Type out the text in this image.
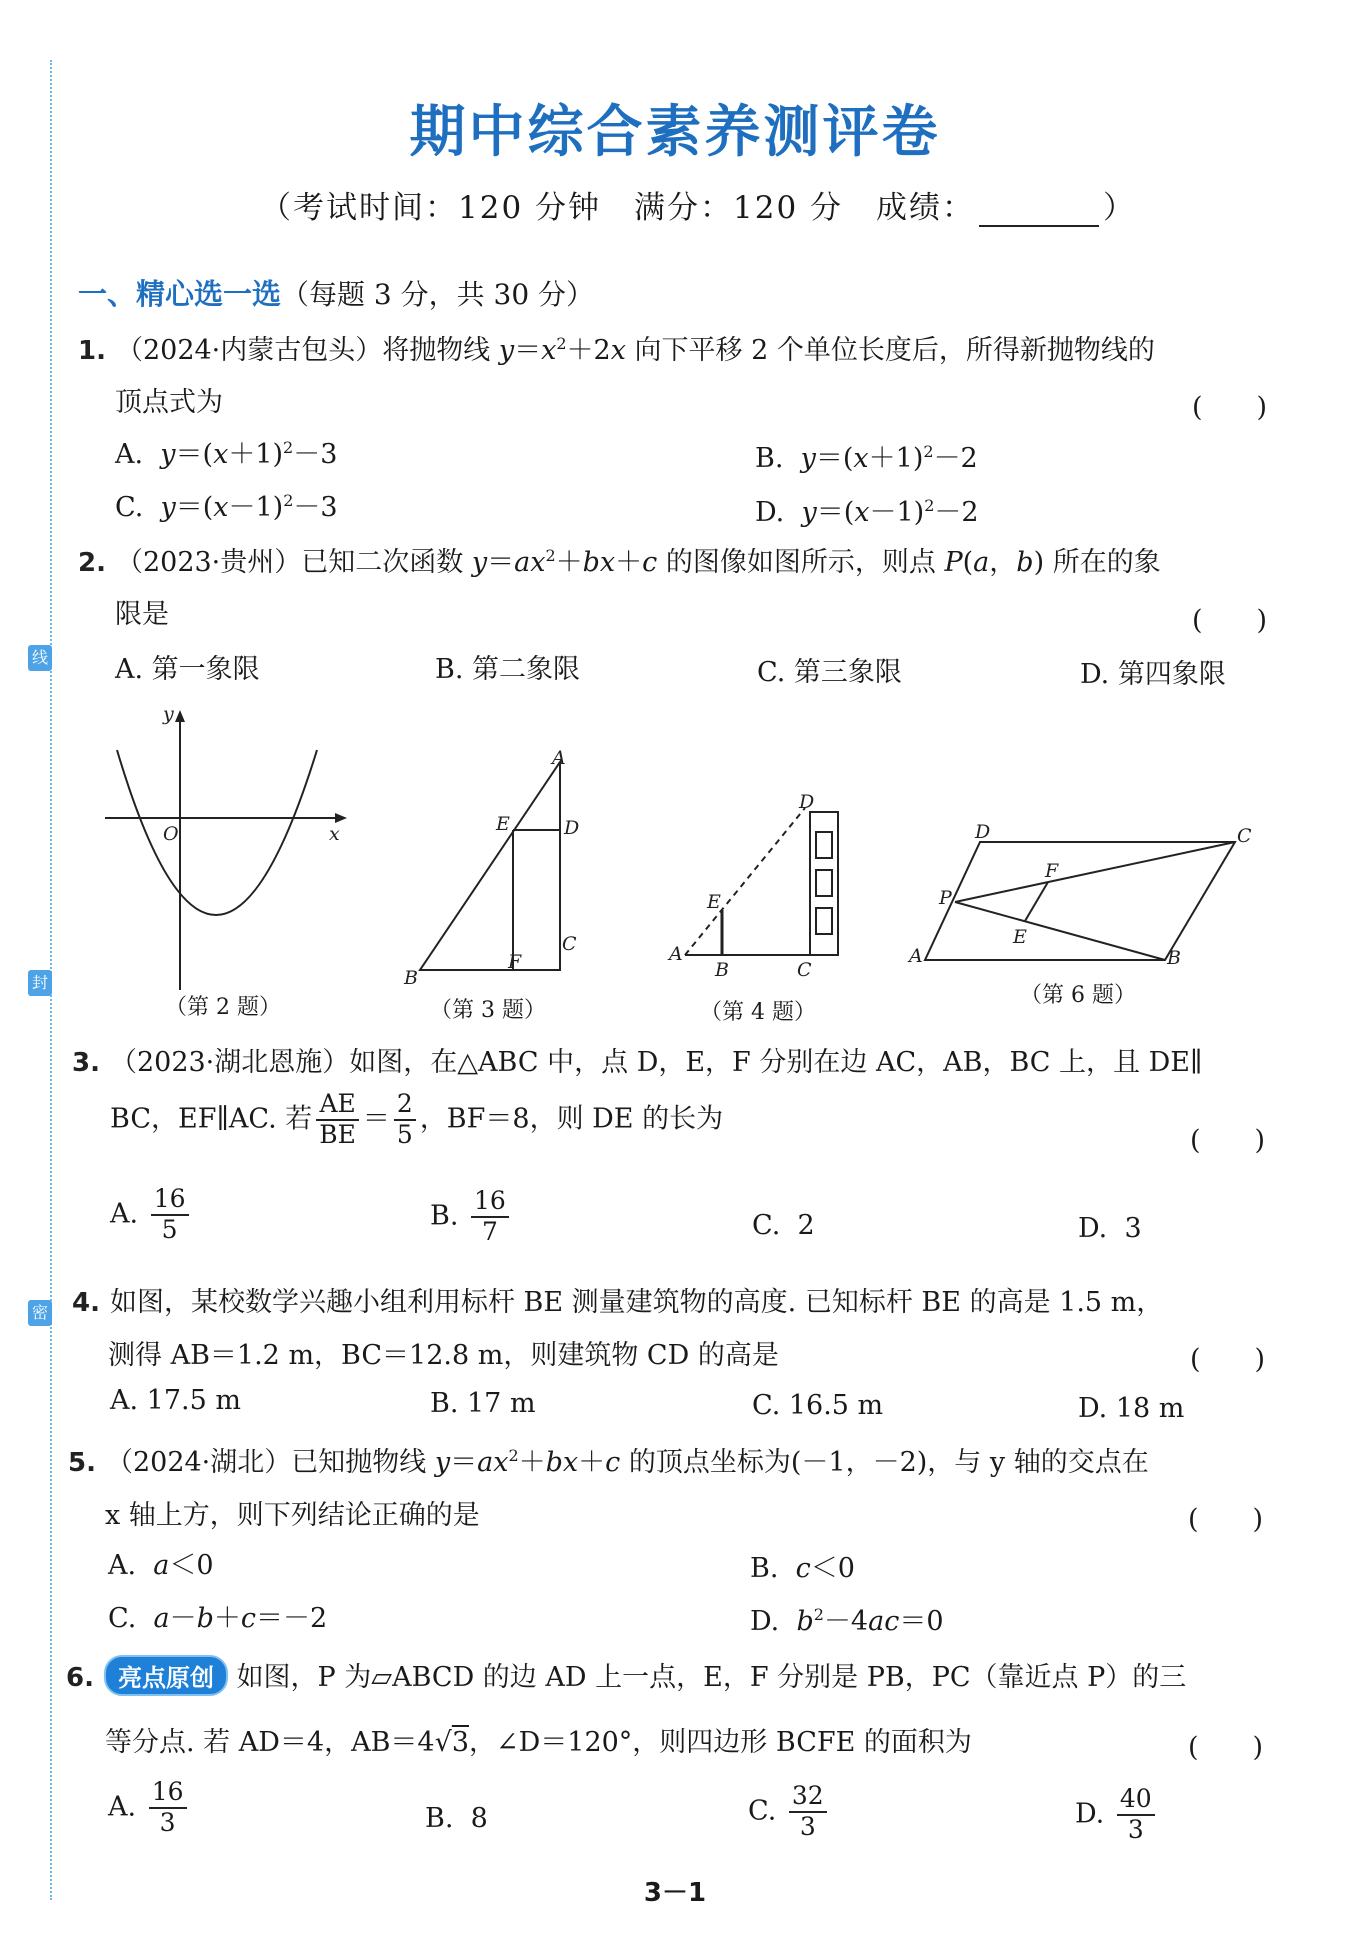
线
封
密
期中综合素养测评卷
（考试时间：120 分钟　满分：120 分　成绩：	）
一、精心选一选（每题 3 分，共 30 分）
1. （2024·内蒙古包头）将抛物线 $y=x^2+2x$ 向下平移 2 个单位长度后，所得新抛物线的
顶点式为	(　　)
A. $y=(x+1)^2-3$	B. $y=(x+1)^2-2$
C. $y=(x-1)^2-3$	D. $y=(x-1)^2-2$
2. （2023·贵州）已知二次函数 $y=ax^2+bx+c$ 的图像如图所示，则点 P(a，b) 所在的象
限是	(　　)
A. 第一象限	B. 第二象限	C. 第三象限	D. 第四象限
y
O	x
A
E	D
B
F
C
D
E
A
B	C
D	C
F
P
E
A	B
（第 2 题）	（第 3 题）	（第 4 题）
（第 6 题）
3. （2023·湖北恩施）如图，在△ABC 中，点 D，E，F 分别在边 AC，AB，BC 上，且 DE∥
BC，EF∥AC. 若 $\frac{AE}{BE} = \frac{2}{5}$ ，BF＝8，则 DE 的长为
(　　)
A. $\frac{16}{5}$	B. $\frac{16}{7}$	C. 2	D. 3
4. 如图，某校数学兴趣小组利用标杆 BE 测量建筑物的高度. 已知标杆 BE 的高是 1.5 m，
测得 AB＝1.2 m，BC＝12.8 m，则建筑物 CD 的高是	(　　)
A. 17.5 m	B. 17 m	C. 16.5 m	D. 18 m
5. （2024·湖北）已知抛物线 $y=ax^2+bx+c$ 的顶点坐标为(－1，－2)，与 y 轴的交点在
x 轴上方，则下列结论正确的是	(　　)
A. a＜0	B. c＜0
C. a－b＋c＝－2	D. $b^2-4ac=0$
6. 亮点原创 如图，P 为▱ABCD 的边 AD 上一点，E，F 分别是 PB，PC（靠近点 P）的三
等分点. 若 AD＝4，AB＝4√3，∠D＝120°，则四边形 BCFE 的面积为	(　　)
A. $\frac{16}{3}$	B. 8	C. $\frac{32}{3}$	D. $\frac{40}{3}$
3－1
